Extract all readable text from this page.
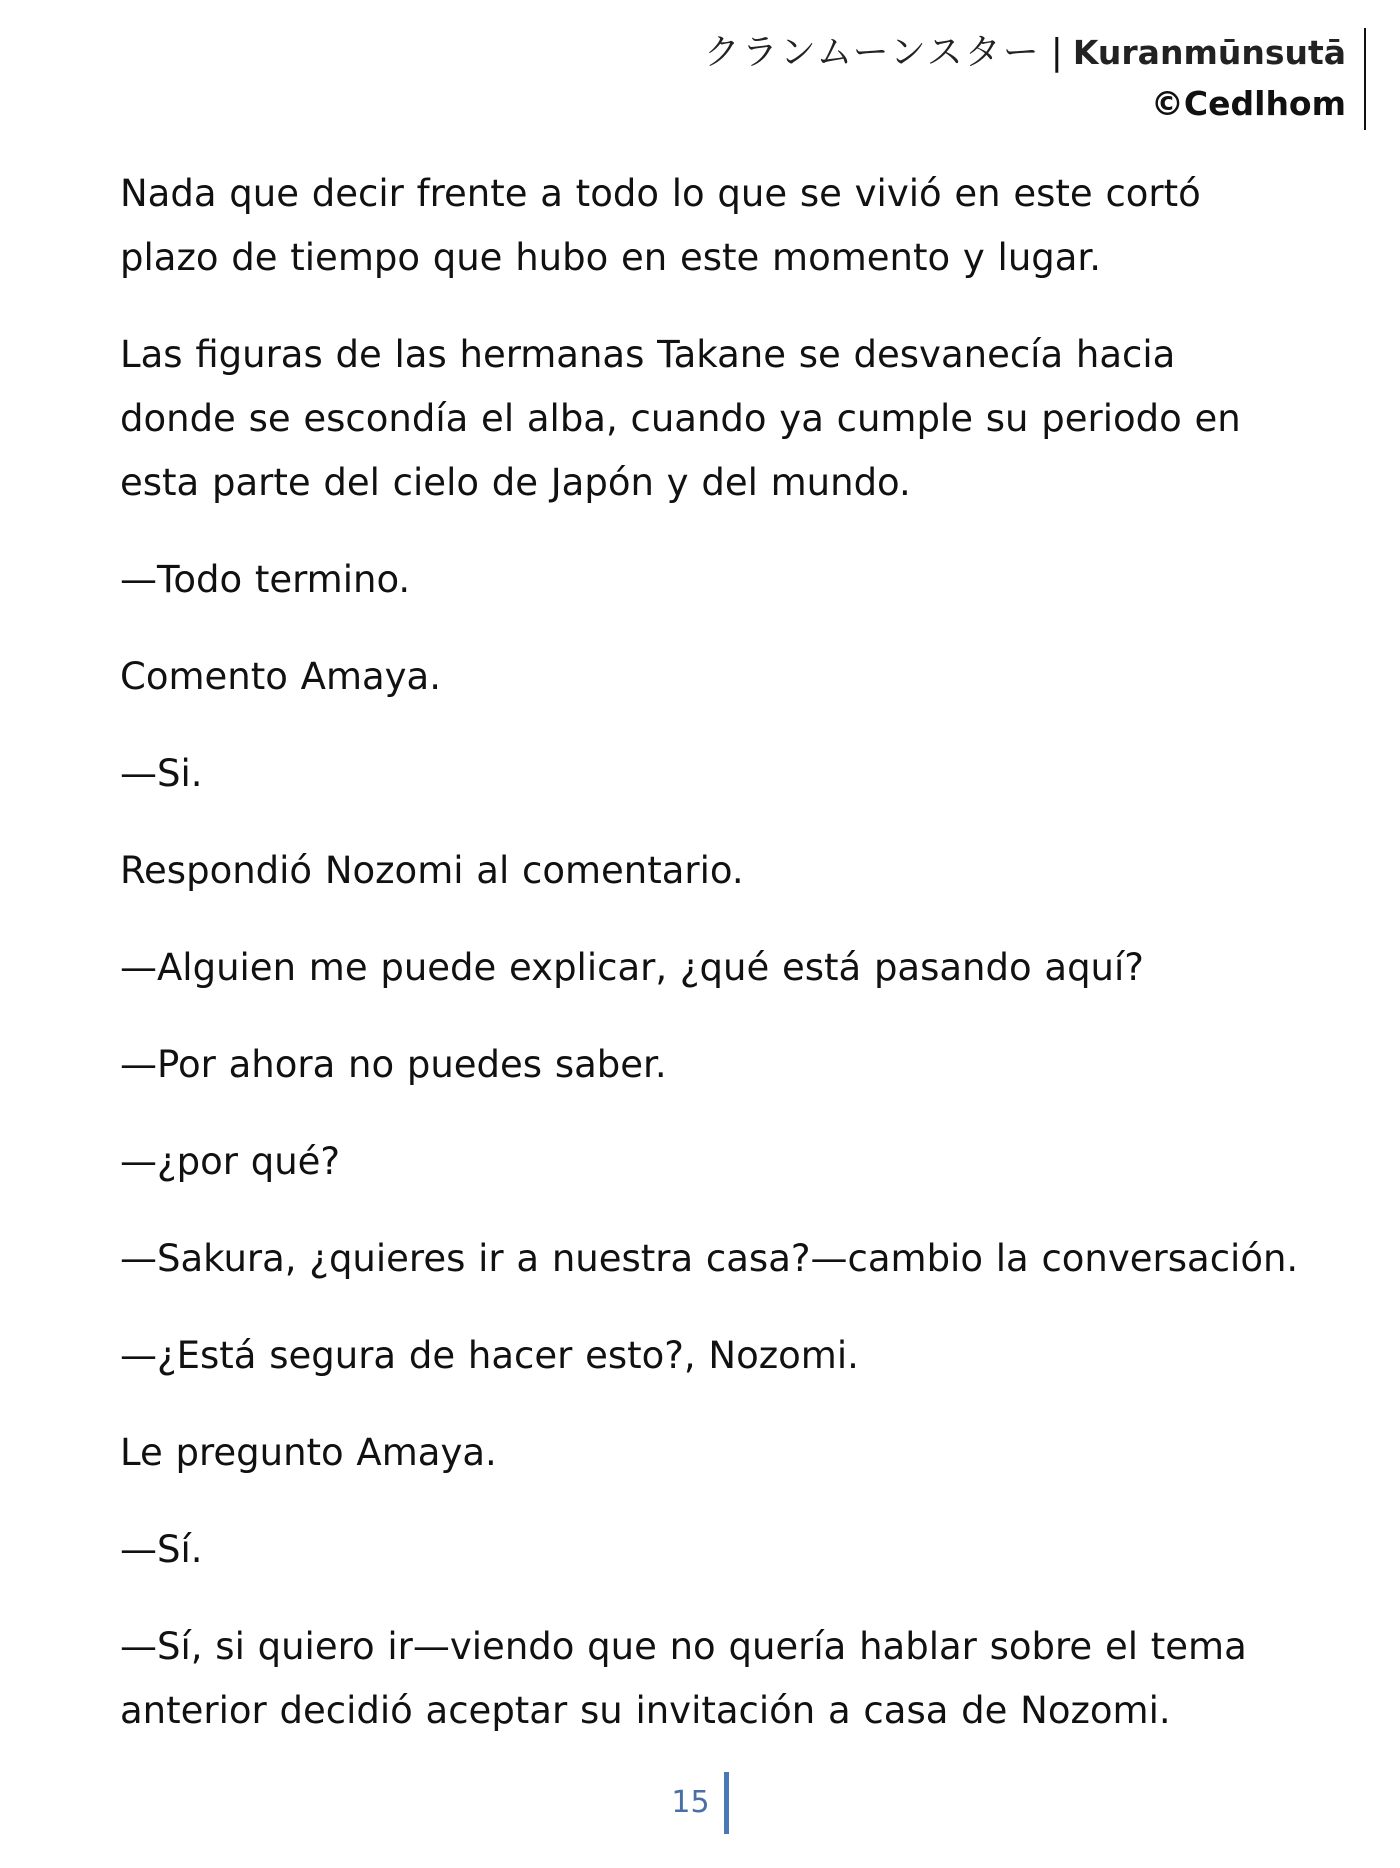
クランムーンスター | Kuranmūnsutā
©Cedlhom

Nada que decir frente a todo lo que se vivió en este cortó plazo de tiempo que hubo en este momento y lugar.

Las figuras de las hermanas Takane se desvanecía hacia donde se escondía el alba, cuando ya cumple su periodo en esta parte del cielo de Japón y del mundo.

—Todo termino.

Comento Amaya.

—Si.

Respondió Nozomi al comentario.

—Alguien me puede explicar, ¿qué está pasando aquí?

—Por ahora no puedes saber.

—¿por qué?

—Sakura, ¿quieres ir a nuestra casa?—cambio la conversación.

—¿Está segura de hacer esto?, Nozomi.

Le pregunto Amaya.

—Sí.

—Sí, si quiero ir—viendo que no quería hablar sobre el tema anterior decidió aceptar su invitación a casa de Nozomi.

15
